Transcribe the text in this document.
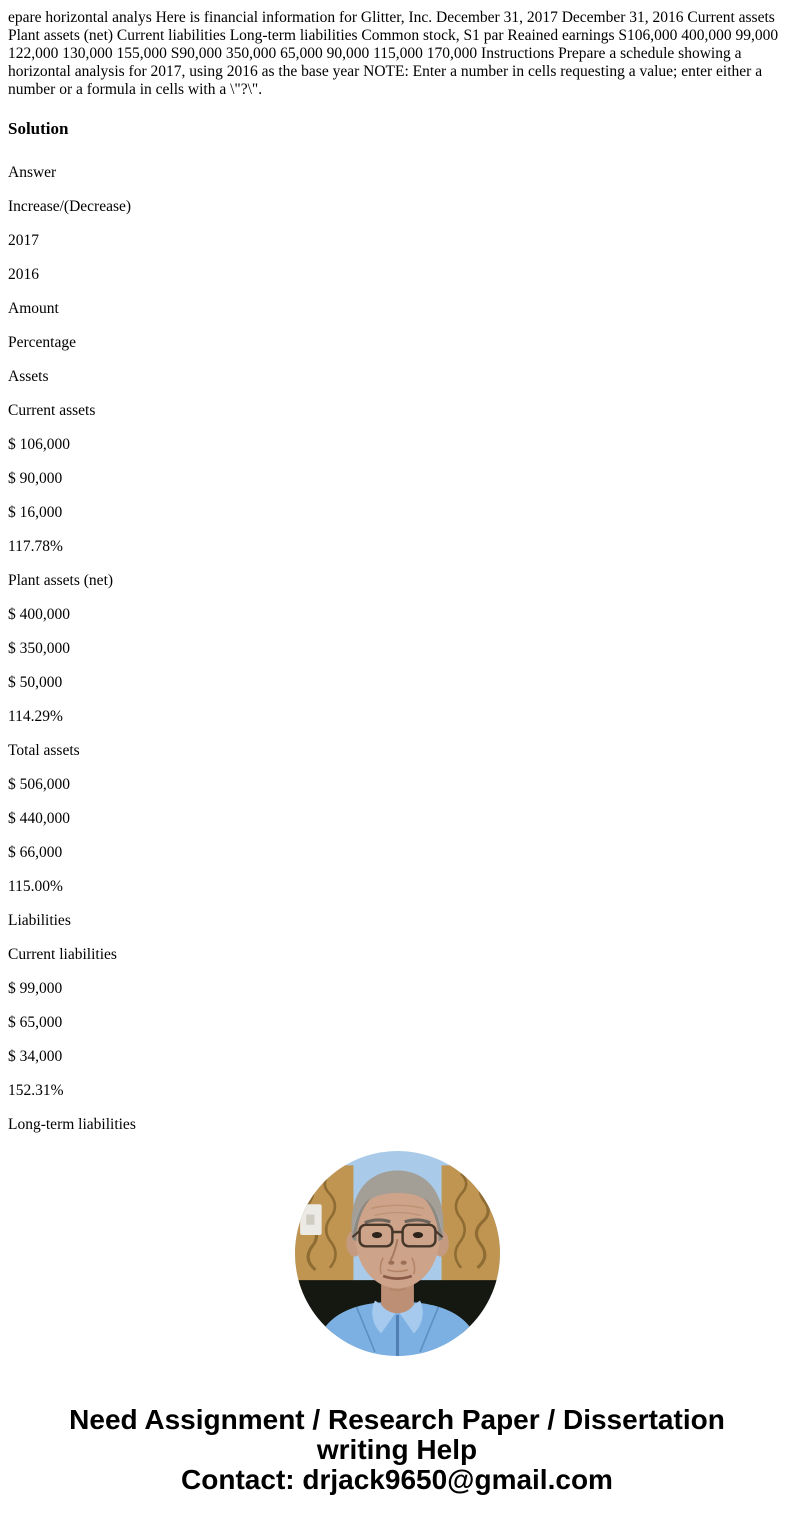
epare horizontal analys Here is financial information for Glitter, Inc. December 31, 2017 December 31, 2016 Current assets Plant assets (net) Current liabilities Long-term liabilities Common stock, S1 par Reained earnings S106,000 400,000 99,000 122,000 130,000 155,000 S90,000 350,000 65,000 90,000 115,000 170,000 Instructions Prepare a schedule showing a horizontal analysis for 2017, using 2016 as the base year NOTE: Enter a number in cells requesting a value; enter either a number or a formula in cells with a \"?\".

Solution

Answer

Increase/(Decrease)

2017

2016

Amount

Percentage

Assets

Current assets

$ 106,000

$ 90,000

$ 16,000

117.78%

Plant assets (net)

$ 400,000

$ 350,000

$ 50,000

114.29%

Total assets

$ 506,000

$ 440,000

$ 66,000

115.00%

Liabilities

Current liabilities

$ 99,000

$ 65,000

$ 34,000

152.31%

Long-term liabilities

Need Assignment / Research Paper / Dissertation
writing Help
Contact: drjack9650@gmail.com
